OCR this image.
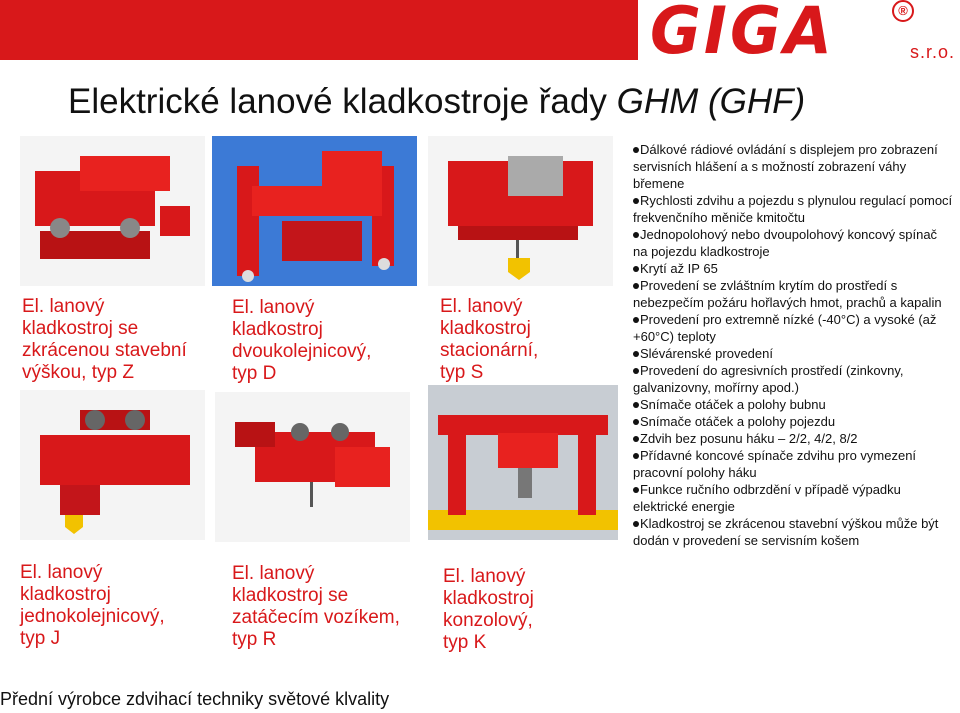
GIGA	®
s.r.o.
Elektrické lanové kladkostroje řady GHM (GHF)
El. lanový
kladkostroj se
zkrácenou stavební
výškou, typ Z
El. lanový
kladkostroj
dvoukolejnicový,
typ D
El. lanový
kladkostroj
stacionární,
typ S
El. lanový
kladkostroj
jednokolejnicový,
typ J
El. lanový
kladkostroj se
zatáčecím vozíkem,
typ R
El. lanový
kladkostroj
konzolový,
typ K

Dálkové rádiové ovládání s displejem pro zobrazení servisních hlášení a s možností zobrazení váhy břemene

Rychlosti zdvihu a pojezdu s plynulou regulací pomocí frekvenčního měniče kmitočtu

Jednopolohový nebo dvoupolohový koncový spínač na pojezdu kladkostroje

Krytí až IP 65

Provedení se zvláštním krytím do prostředí s nebezpečím požáru hořlavých hmot, prachů a kapalin

Provedení pro extremně nízké (-40°C) a vysoké (až +60°C) teploty

Slévárenské provedení

Provedení do agresivních prostředí (zinkovny, galvanizovny, mořírny apod.)

Snímače otáček a polohy bubnu

Snímače otáček a polohy pojezdu

Zdvih bez posunu háku – 2/2, 4/2, 8/2

Přídavné koncové spínače zdvihu pro vymezení pracovní polohy háku

Funkce ručního odbrzdění v případě výpadku elektrické energie

Kladkostroj se zkrácenou stavební výškou může být dodán v provedení se servisním košem

Přední výrobce zdvihací techniky světové klvality
